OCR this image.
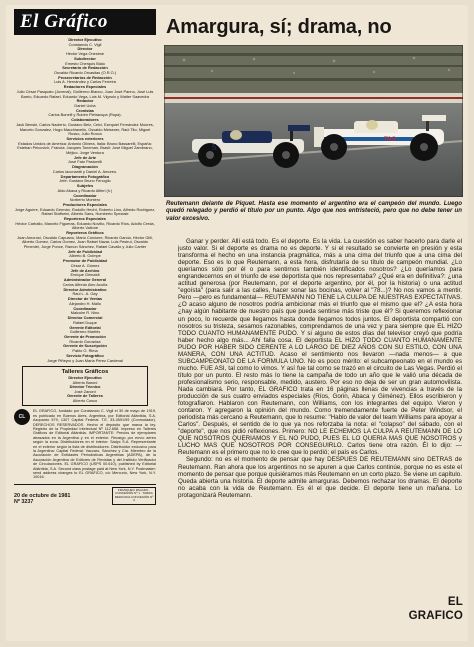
El Gráfico
Director Ejecutivo
Constancio C. Vigil
Director
Héctor Vega Onesime
Subdirector
Ernesto Cherquis Bialo
Secretario de Redacción
Osvaldo Ricardo Orcasitas (O.R.O.)
Prosecretarios de Redacción
Luis A. Hernández y Carlos Ferreira
Redactores Especiales
Julio César Pasquato (Juvenal), Guillermo Blanco, Juan José Panno, José Luis Barrio, Eduardo Rafael, Eduardo Vega, Luis M. Vignolo y Walter Saavedra
Redactor
Daniel Ucha
Cronistas
Carlos Bonelli y Rubén Pietracupa (Rupa).
Colaboradores
Jack Benski, Carlos Naclerio, Gustavo Belz, Celci, Ezequiel Fernández Moores, Marcelo Gonzalez, Hugo Macchiavello, Osvaldo Meissner, Raúl Tito, Miguel Russo, Julio Rocca
Servicios exteriores
Estados Unidos de América: Antonio Olivera, Italia: Bruno Bassarelli, España: Esteban Peicovich, Francia: Jacques Toneman, Brasil: José Miguel Zambrano, Méjico: Jorge Ventura
Jefe de Arte
José Fato Pastorelli
Diagramación
Carlos Iaconantti y Daniel A. Amoreo.
Departamento Fotográfico
Jefe: Gustavo Bruno Fenoglio
Subjefes
Aldo Abaca y Ricardo Alfieri (h.)
Coordinador
Norberto Montero
Productores Especiales
Jorge Aguirre, Eduardo Germán, Rodolfo Hecht, Roberto Lino, Alfredo Rodriguez, Rafael Stafforini, Alberto Sans, Humberto Speziale
Reporteros Especiales
Héctor Carballo, Marcelo Figueras, Eduardo Novillo, Ricardo Ríos, Adolfo Cerda, Alberto Vallone
Reporteros Gráficos
Juan Amorosi, Osvaldo Capuano, Mario Corcione, Ricardo Garcia, Héctor Gilli, Alberto Gomez, Carlos Gomez, Juan Rafael Nazar, Luis Pestrui, Osvaldo Pimentel, Jorge Ponce, Ramon Sánchez, Rafael Cavallo y Julio Cartier
Jefe de Publicidad
Alberto B. Ocimpe
Promotor de Publicidad
César A. Gómez
Jefe de Archivo
Enrique Grimaldi
Administrador General
Carlos Alfredo Alec Acuña
Director Administrativo
Raúl L. A. Gay
Director de Ventas
Alejandro H. Mallo
Coordinador
Malcolm R. Nino
Director Comercial
Rafael Duque
Gerente Editorial
Guillermo Martiris
Gerente de Promoción
Ricardo Gorostiza
Gerente de Suscripción
Pablo O. Rima
Servicio Fotográfico
Jorge Piñeyro y Juan María Pérez Cardenal
Talleres Gráficos
Director Ejecutivo
Alberto Baroni
Director Técnico
José Zanoni
Gerente de Talleres
Alberto Cosco
CL
EL GRAFICO, fundado por Constancio C. Vigil el 30 de mayo de 1919, es publicado en Buenos Aires, Argentina, por Editorial Atlántida, S.A. Azopardo 579, 1307 Capital Federal. T.E. 33-4591/99 (Conmutador). DERECHOS RESERVADOS. Hecho el depósito que marca la ley. Registro de la Propiedad Intelectual Nº 112.658. Impreso en Talleres Gráficos de Editorial Atlántida. IMPORTANTE: Precios de ejemplares atrasados en la Argentina y en el exterior. Recargo por envío aéreo según la zona. Distribuidores en el interior: Sadyc S.A. Representante en el exterior según la lista de distribuidores. Distribuidor exclusivo para la Argentina: Capital Federal: Vaccaro, Sánchez y Cía. Miembro de la Asociación de Entidades Periodísticas Argentinas (ADEPA), de la Asociación Argentina de Editores de Revistas y del Instituto Verificador de Circulaciones. EL GRAFICO (USPS 00.610), published by Editorial Atlántida, S.A. Second class postage paid at New York, N.Y. Postmaster: send address changes to EL GRAFICO, c/o Mercurio, New York, N.Y. 10016.
20 de octubre de 1981
Nº 3237
FRANQUEO PAGADO · CONCESIÓN Nº 1 · TARIFA REDUCIDA CONCESIÓN Nº 3
Amargura, sí; drama, no
5
TAG
Reutemann delante de Piquet. Hasta ese momento el argentino era el campeón del mundo. Luego quedó relegado y perdió el título por un punto. Algo que nos entristeció, pero que no debe tener un valor excesivo.

Ganar y perder. Allí está todo. Es el deporte. Es la vida. La cuestión es saber hacerlo para darle el justo valor. Si el deporte es drama no es deporte. Y si el resultado se convierte en presión y esta transforma el hecho en una instancia pragmática, más a una cima del triunfo que a una cima del deporte. Eso es lo que Reutemann, a esta hora, disfrutaría de su título de campeón mundial. ¿Lo queríamos sólo por él o para sentirnos también identificados nosotros? ¿Lo queríamos para engrandecernos en el triunfo de ese deportista que nos representaba? ¿Qué era en definitiva?: ¿una actitud generosa (por Reutemann, por el deporte argentino, por él, por la historia) o una actitud "egoísta" (para salir a las calles, hacer sonar las bocinas, volver al "78...)? No nos vamos a mentir. Pero —pero es fundamental— REUTEMANN NO TIENE LA CULPA DE NUESTRAS EXPECTATIVAS. ¿O acaso alguno de nosotros podría ambicionar más el triunfo que el mismo que el? ¿A esta hora ¿hay algún habitante de nuestro país que pueda sentirse más triste que él? Si queremos reflexionar un poco, lo recuerde que llegamos hasta donde llegamos todos juntos. El deportista compartió con nosotros su tristeza, sesamos razonables, comprendamos de una vez y para siempre que EL HIZO TODO CUANTO HUMANAMENTE PUDO. Y si alguno de estos días del televisor creyó que podría haber hecho algo más... Ahí falla cosa. El deportista EL HIZO TODO CUANTO HUMANAMENTE PUDO POR HABER SIDO CERENTE A LO LARGO DE DIEZ AÑOS CON SU ESTILO, CON UNA MANERA, CON UNA ACTITUD. Acaso el sentimiento nos llevaron —nada menos— a que SUBCAMPEONATO DE LA FORMULA UNO. No es poco mérito: el subcampeonato en el mundo es mucho. FUE ASI, tal como lo vimos. Y así fue tal como se trazó en el circuito de Las Vegas. Perdió el título por un punto. El resto más lo tiene la campaña de todo un año que le valió una década de profesionalismo serio, responsable, medido, austero. Por eso no deja de ser un gran automovilista. Nada cambiará. Por tanto, EL GRAFICO trata en 16 páginas llenas de vivencias a través de la producción de sus cuatro enviados especiales (Ríos, Gorin, Abaca y Giménez). Ellos escribieron y fotografiaron. Hablaron con Reutemann, con Williams, con los integrantes del equipo. Vieron y contaron. Y agregaron la opinión del mundo. Como tremendamente fuerte de Peter Windsor, el periodista más cercano a Reutemann, que lo resume: "Hablo de valor del team Williams para apoyar a Carlos". Después, el sentido de lo que ya nos reforzaba la nota: el "colapso" del sábado, con el "deporte", que nos pidió reflexiones. Primero: NO LE ECHEMOS LA CULPA A REUTEMANN DE LO QUE NOSOTROS QUERIAMOS Y EL NO PUDO, PUES EL LO QUERIA MAS QUE NOSOTROS y LUCHO MAS QUE NOSOTROS POR CONSEGUIRLO. Carlos tiene otra razón. Él lo dijo: —Reutemann es el primero que no lo cree que lo perdió; el país es Carlos.

Segundo: no es el momento de pensar que hay DESPUES DE REUTEMANN sino DETRAS de Reutemann. Ran ahora que los argentinos no se apuren a que Carlos continúe, porque no es este el momento de pensar que porque quisiéramos más Reutemann en un corto plazo. Se viene un capítulo. Queda abierta una historia. El deporte admite amarguras. Debemos rechazar los dramas. El deporte no acaba con la vida de Reutemann. Es él el que decide. El deporte tiene un mañana. Lo protagonizará Reutemann.

EL GRAFICO
